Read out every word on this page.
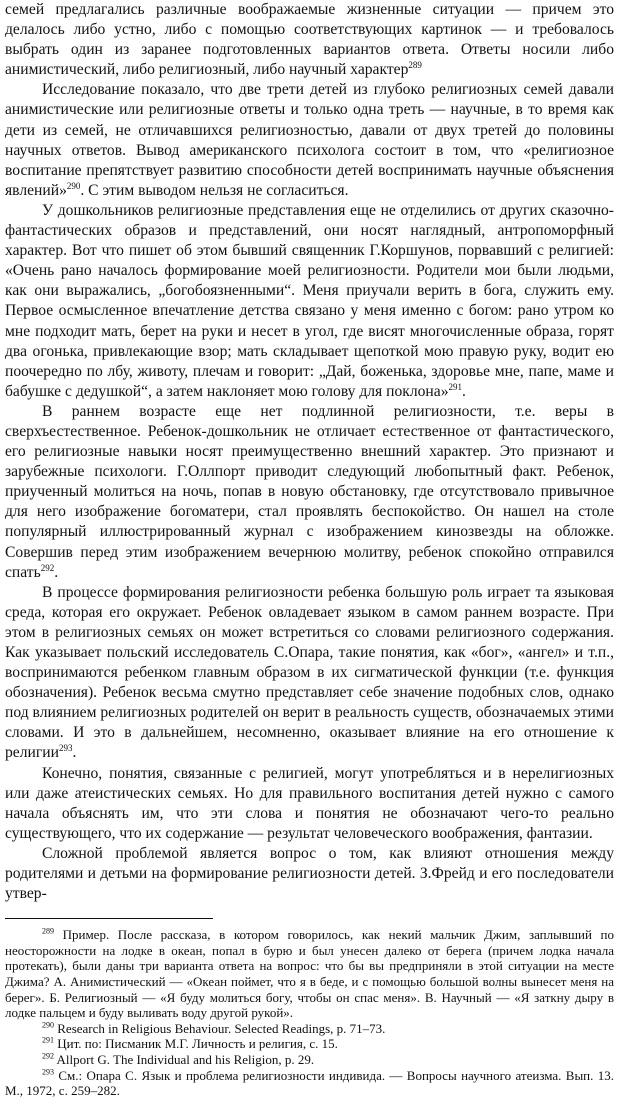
семей предлагались различные воображаемые жизненные ситуации — причем это делалось либо устно, либо с помощью соответствующих картинок — и требовалось выбрать один из заранее подготовленных вариантов ответа. Ответы носили либо анимистический, либо религиозный, либо научный характер$^{289}$

Исследование показало, что две трети детей из глубоко религиозных семей давали анимистические или религиозные ответы и только одна треть — научные, в то время как дети из семей, не отличавшихся религиозностью, давали от двух третей до половины научных ответов. Вывод американского психолога состоит в том, что «религиозное воспитание препятствует развитию способности детей воспринимать научные объяснения явлений»$^{290}$. С этим выводом нельзя не согласиться.

У дошкольников религиозные представления еще не отделились от других сказочно-фантастических образов и представлений, они носят наглядный, антропоморфный характер. Вот что пишет об этом бывший священник Г.Коршунов, порвавший с религией: «Очень рано началось формирование моей религиозности. Родители мои были людьми, как они выражались, „богобоязненными“. Меня приучали верить в бога, служить ему. Первое осмысленное впечатление детства связано у меня именно с богом: рано утром ко мне подходит мать, берет на руки и несет в угол, где висят многочисленные образа, горят два огонька, привлекающие взор; мать складывает щепоткой мою правую руку, водит ею поочередно по лбу, животу, плечам и говорит: „Дай, боженька, здоровье мне, папе, маме и бабушке с дедушкой“, а затем наклоняет мою голову для поклона»$^{291}$.

В раннем возрасте еще нет подлинной религиозности, т.е. веры в сверхъестественное. Ребенок-дошкольник не отличает естественное от фантастического, его религиозные навыки носят преимущественно внешний характер. Это признают и зарубежные психологи. Г.Оллпорт приводит следующий любопытный факт. Ребенок, приученный молиться на ночь, попав в новую обстановку, где отсутствовало привычное для него изображение богоматери, стал проявлять беспокойство. Он нашел на столе популярный иллюстрированный журнал с изображением кинозвезды на обложке. Совершив перед этим изображением вечернюю молитву, ребенок спокойно отправился спать$^{292}$.

В процессе формирования религиозности ребенка большую роль играет та языковая среда, которая его окружает. Ребенок овладевает языком в самом раннем возрасте. При этом в религиозных семьях он может встретиться со словами религиозного содержания. Как указывает польский исследователь С.Опара, такие понятия, как «бог», «ангел» и т.п., воспринимаются ребенком главным образом в их сигматической функции (т.е. функция обозначения). Ребенок весьма смутно представляет себе значение подобных слов, однако под влиянием религиозных родителей он верит в реальность существ, обозначаемых этими словами. И это в дальнейшем, несомненно, оказывает влияние на его отношение к религии$^{293}$.

Конечно, понятия, связанные с религией, могут употребляться и в нерелигиозных или даже атеистических семьях. Но для правильного воспитания детей нужно с самого начала объяснять им, что эти слова и понятия не обозначают чего-то реально существующего, что их содержание — результат человеческого воображения, фантазии.

Сложной проблемой является вопрос о том, как влияют отношения между родителями и детьми на формирование религиозности детей. З.Фрейд и его последователи утвер-

$^{289}$ Пример. После рассказа, в котором говорилось, как некий мальчик Джим, заплывший по неосторожности на лодке в океан, попал в бурю и был унесен далеко от берега (причем лодка начала протекать), были даны три варианта ответа на вопрос: что бы вы предприняли в этой ситуации на месте Джима? А. Анимистический — «Океан поймет, что я в беде, и с помощью большой волны вынесет меня на берег». Б. Религиозный — «Я буду молиться богу, чтобы он спас меня». В. Научный — «Я заткну дыру в лодке пальцем и буду выливать воду другой рукой».

$^{290}$ Research in Religious Behaviour. Selected Readings, p. 71–73.

$^{291}$ Цит. по: Писманик М.Г. Личность и религия, с. 15.

$^{292}$ Allport G. The Individual and his Religion, p. 29.

$^{293}$ См.: Опара С. Язык и проблема религиозности индивида. — Вопросы научного атеизма. Вып. 13. М., 1972, с. 259–282.
